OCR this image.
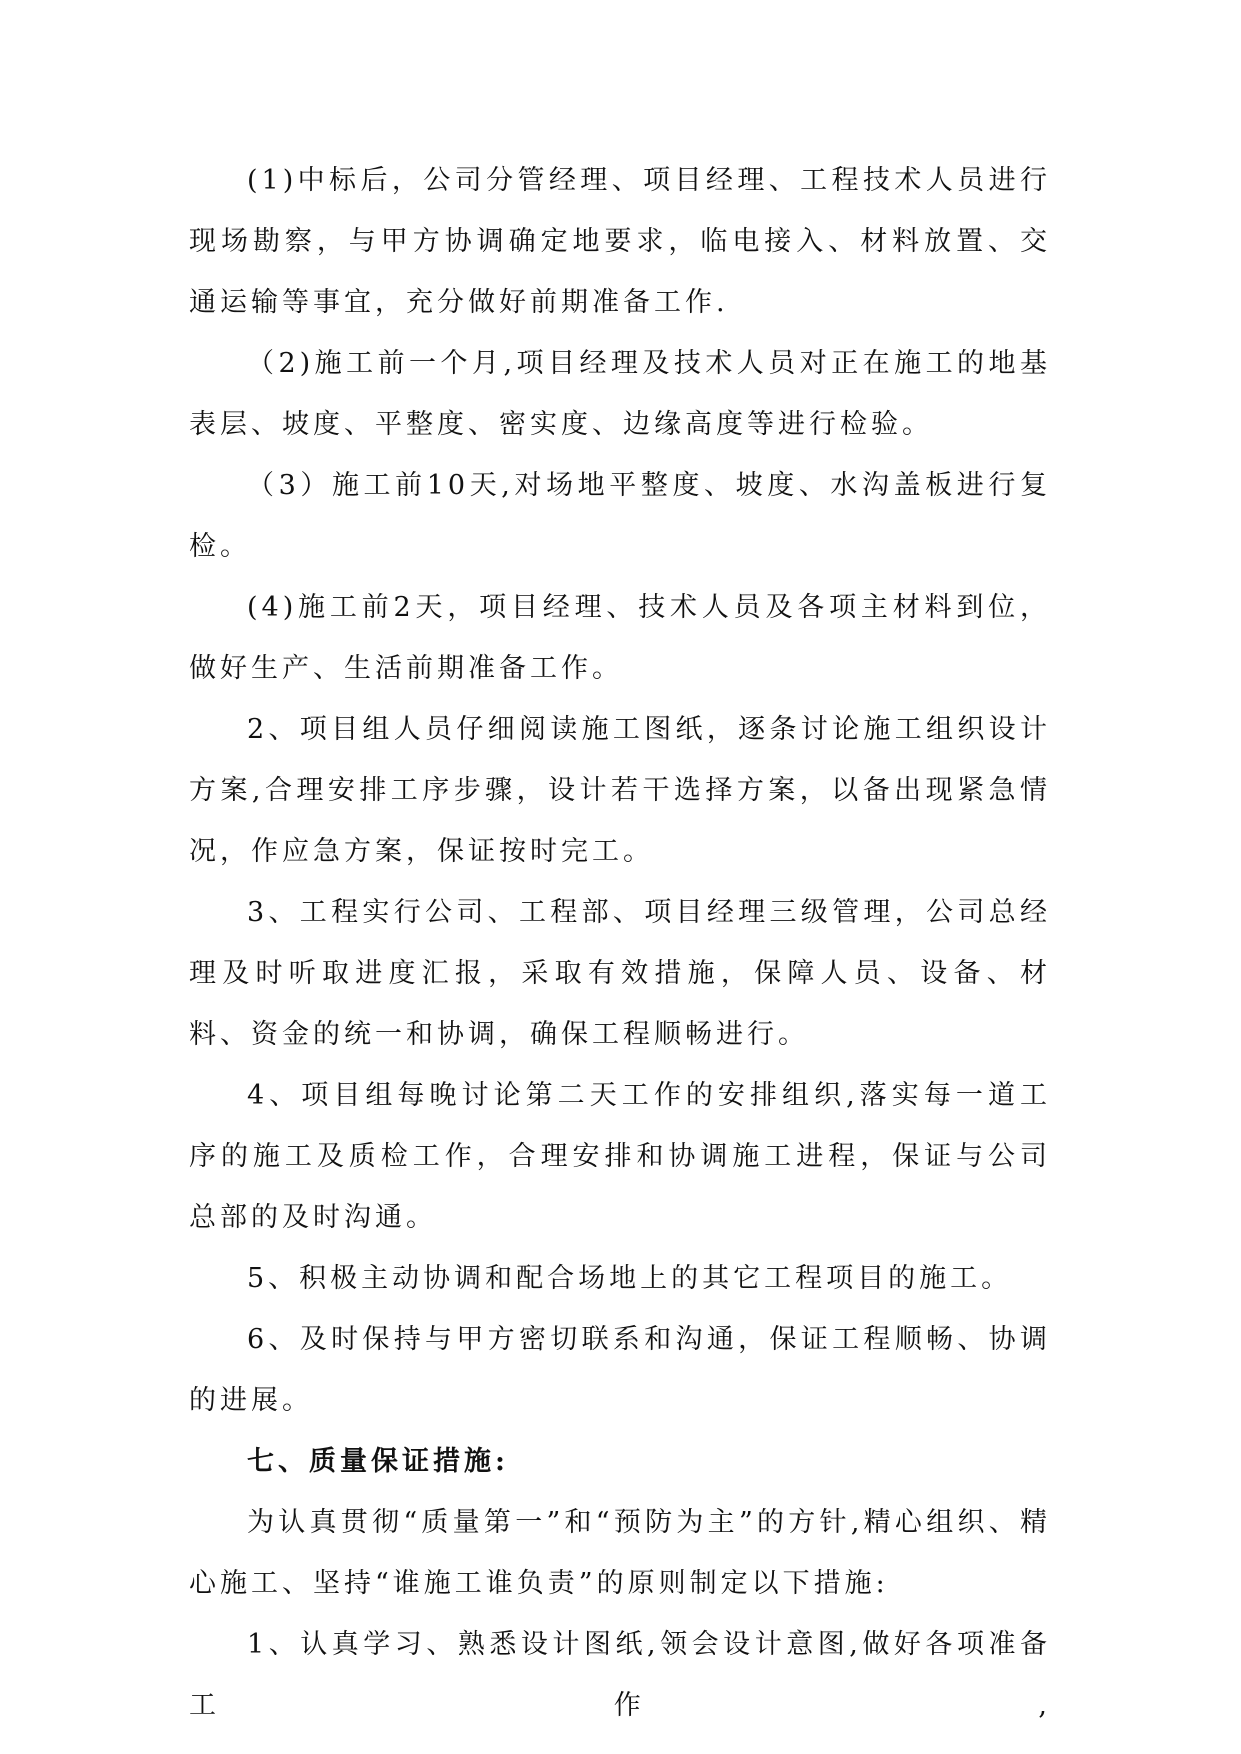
(1)中标后，公司分管经理、项目经理、工程技术人员进行现场勘察，与甲方协调确定地要求，临电接入、材料放置、交通运输等事宜，充分做好前期准备工作.

（2)施工前一个月,项目经理及技术人员对正在施工的地基表层、坡度、平整度、密实度、边缘高度等进行检验。

（3）施工前10天,对场地平整度、坡度、水沟盖板进行复检。

(4)施工前2天，项目经理、技术人员及各项主材料到位，做好生产、生活前期准备工作。

2、项目组人员仔细阅读施工图纸，逐条讨论施工组织设计方案,合理安排工序步骤，设计若干选择方案，以备出现紧急情况，作应急方案，保证按时完工。

3、工程实行公司、工程部、项目经理三级管理，公司总经理及时听取进度汇报，采取有效措施，保障人员、设备、材料、资金的统一和协调，确保工程顺畅进行。

4、项目组每晚讨论第二天工作的安排组织,落实每一道工序的施工及质检工作，合理安排和协调施工进程，保证与公司总部的及时沟通。

5、积极主动协调和配合场地上的其它工程项目的施工。

6、及时保持与甲方密切联系和沟通，保证工程顺畅、协调的进展。

七、质量保证措施:

为认真贯彻“质量第一”和“预防为主”的方针,精心组织、精心施工、坚持“谁施工谁负责”的原则制定以下措施:

1、认真学习、熟悉设计图纸,领会设计意图,做好各项准备工作,
